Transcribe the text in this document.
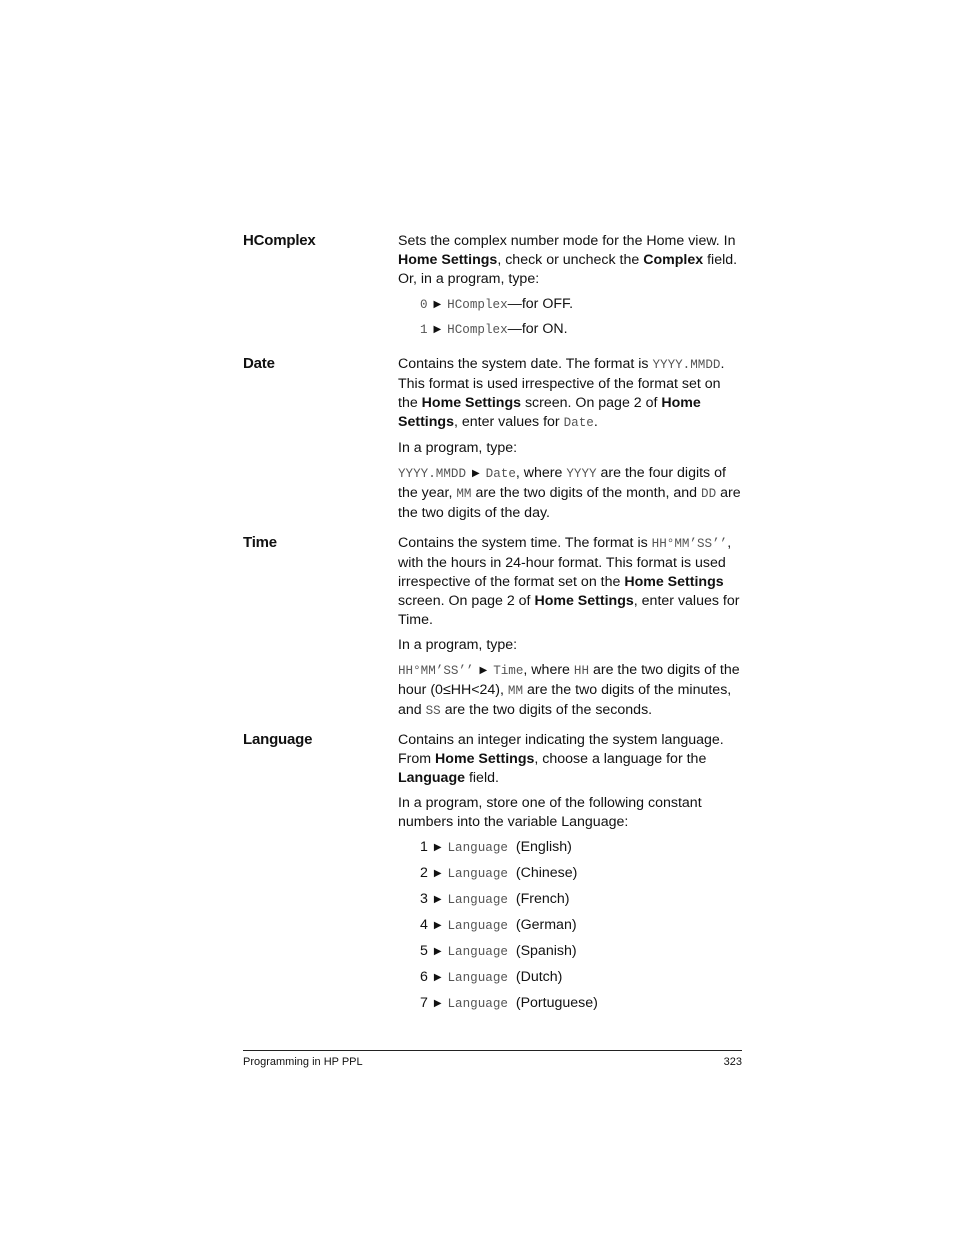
HComplex	Sets the complex number mode for the Home view. In Home Settings, check or uncheck the Complex field. Or, in a program, type:

0 ▶ HComplex—for OFF.
1 ▶ HComplex—for ON.
Date	Contains the system date. The format is YYYY.MMDD. This format is used irrespective of the format set on the Home Settings screen. On page 2 of Home Settings, enter values for Date.

In a program, type:

YYYY.MMDD ▶ Date, where YYYY are the four digits of the year, MM are the two digits of the month, and DD are the two digits of the day.

Time	Contains the system time. The format is HH°MM’SS’’, with the hours in 24-hour format. This format is used irrespective of the format set on the Home Settings screen. On page 2 of Home Settings, enter values for Time.

In a program, type:

HH°MM’SS’’ ▶ Time, where HH are the two digits of the hour (0≤HH<24), MM are the two digits of the minutes, and SS are the two digits of the seconds.

Language	Contains an integer indicating the system language. From Home Settings, choose a language for the Language field.

In a program, store one of the following constant numbers into the variable Language:

1 ▶ Language (English)
2 ▶ Language (Chinese)
3 ▶ Language (French)
4 ▶ Language (German)
5 ▶ Language (Spanish)
6 ▶ Language (Dutch)
7 ▶ Language (Portuguese)
Programming in HP PPL	323
